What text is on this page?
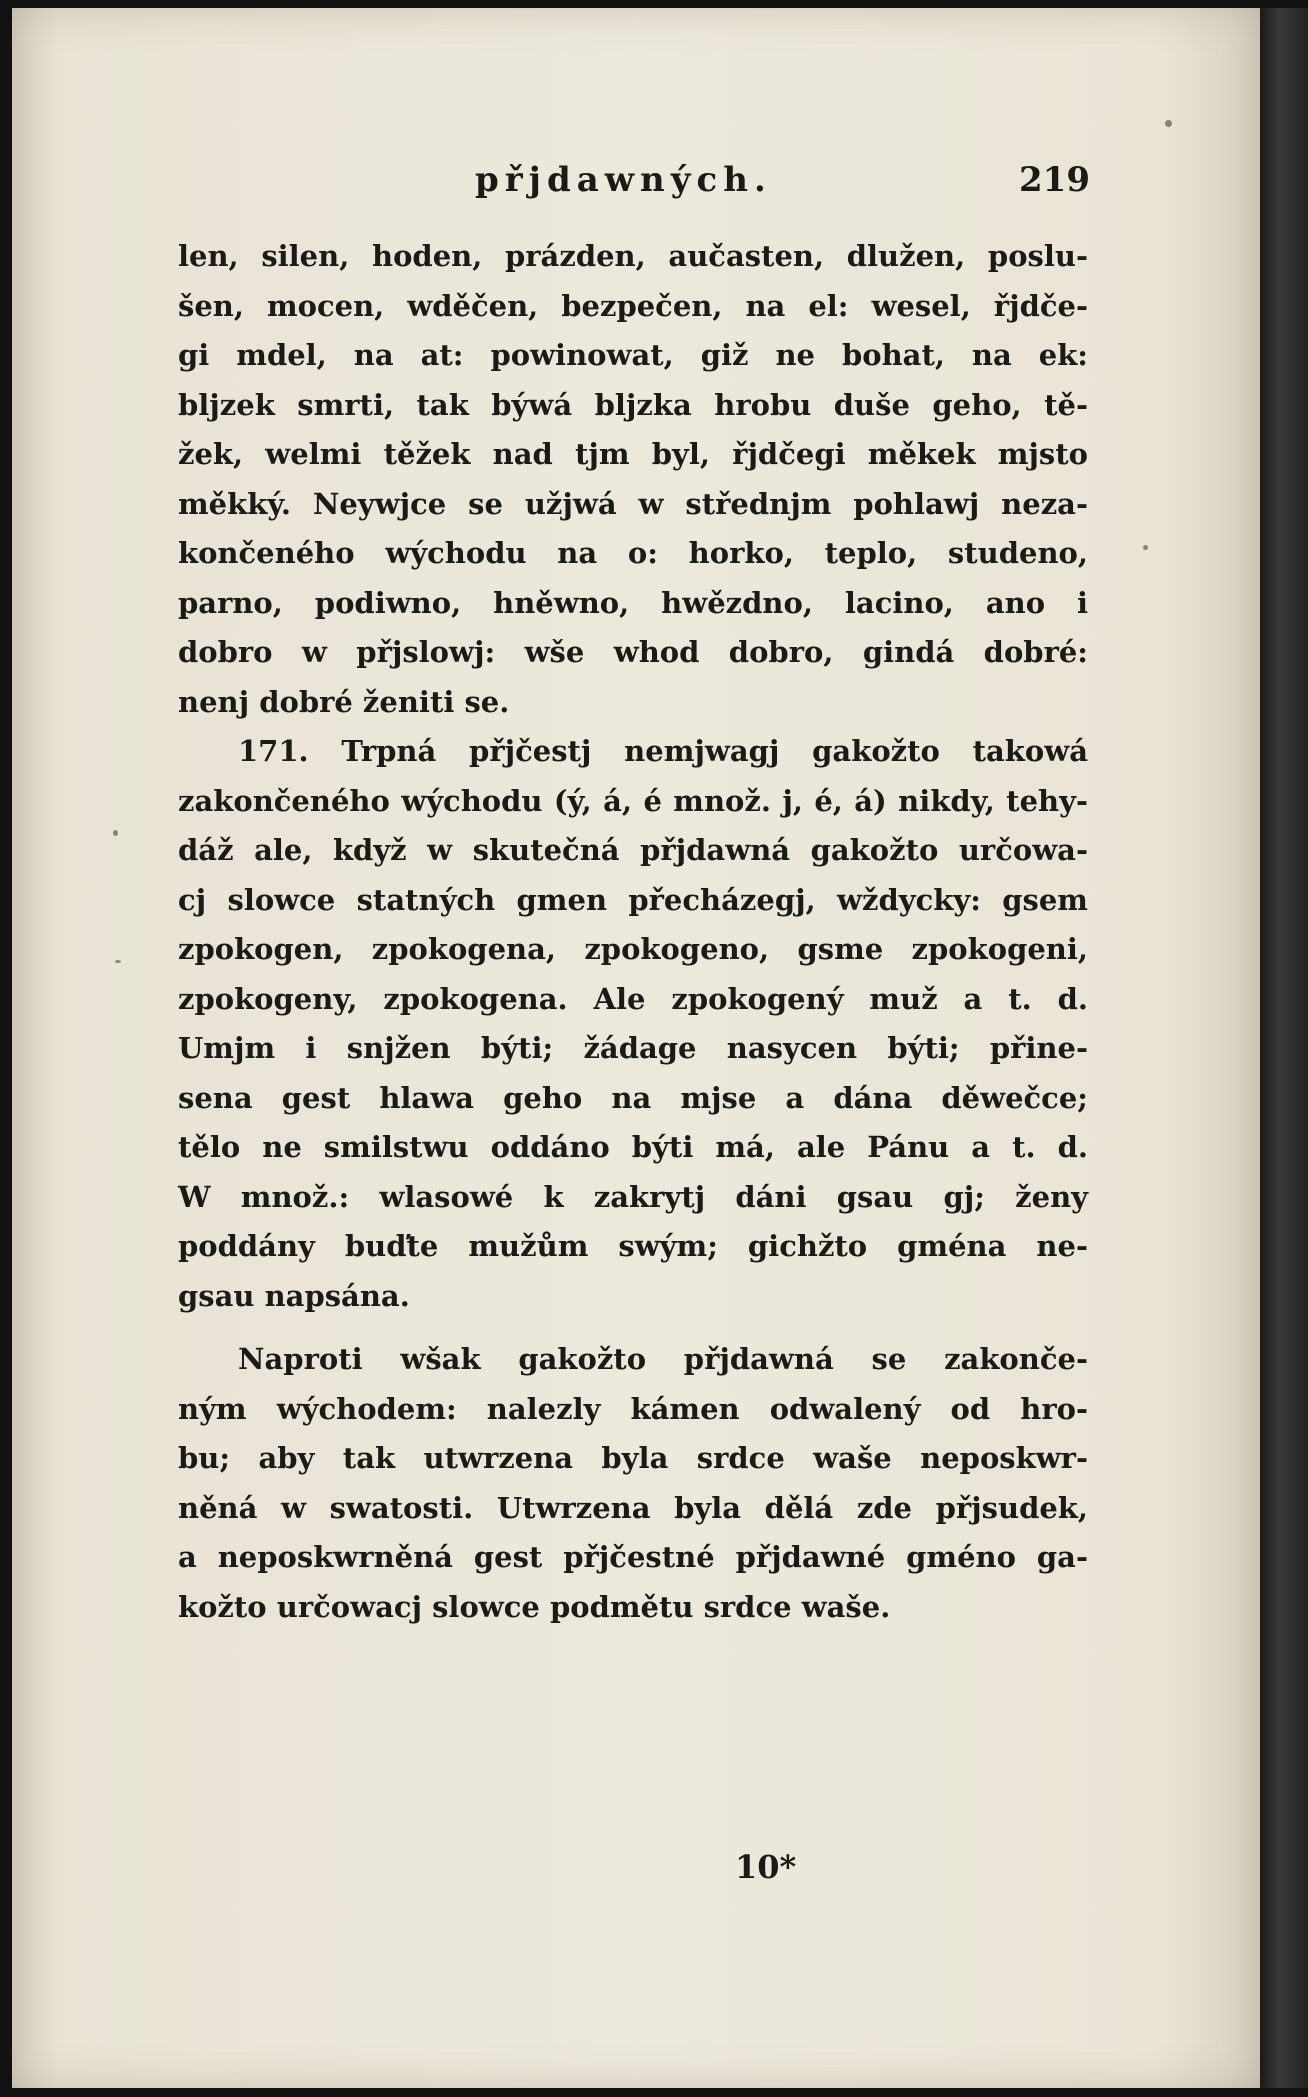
přjdawných.	219
len, silen, hoden, prázden, aučasten, dlužen, poslu-
šen, mocen, wděčen, bezpečen, na el: wesel, řjdče-
gi mdel, na at: powinowat, giž ne bohat, na ek:
bljzek smrti, tak býwá bljzka hrobu duše geho, tě-
žek, welmi těžek nad tjm byl, řjdčegi měkek mjsto
měkký. Neywjce se užjwá w střednjm pohlawj neza-
končeného wýchodu na o: horko, teplo, studeno,
parno, podiwno, hněwno, hwězdno, lacino, ano i
dobro w přjslowj: wše whod dobro, gindá dobré:
nenj dobré ženiti se.
171. Trpná přjčestj nemjwagj gakožto takowá
zakončeného wýchodu (ý, á, é množ. j, é, á) nikdy, tehy-
dáž ale, když w skutečná přjdawná gakožto určowa-
cj slowce statných gmen přecházegj, wždycky: gsem
zpokogen, zpokogena, zpokogeno, gsme zpokogeni,
zpokogeny, zpokogena. Ale zpokogený muž a t. d.
Umjm i snjžen býti; žádage nasycen býti; přine-
sena gest hlawa geho na mjse a dána děwečce;
tělo ne smilstwu oddáno býti má, ale Pánu a t. d.
W množ.: wlasowé k zakrytj dáni gsau gj; ženy
poddány buďte mužům swým; gichžto gména ne-
gsau napsána.
Naproti wšak gakožto přjdawná se zakonče-
ným wýchodem: nalezly kámen odwalený od hro-
bu; aby tak utwrzena byla srdce waše neposkwr-
něná w swatosti. Utwrzena byla dělá zde přjsudek,
a neposkwrněná gest přjčestné přjdawné gméno ga-
kožto určowacj slowce podmětu srdce waše.
10*
